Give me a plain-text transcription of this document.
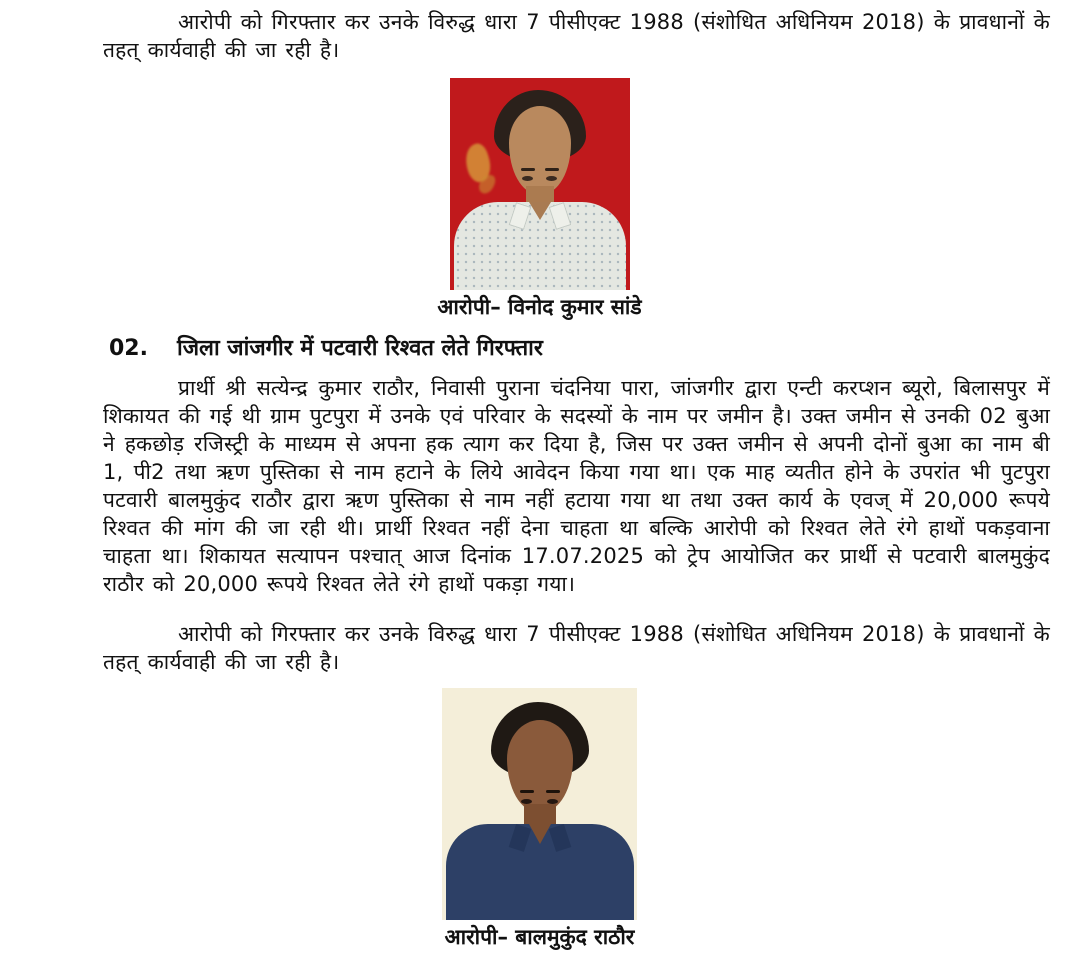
आरोपी को गिरफ्तार कर उनके विरुद्ध धारा 7 पीसीएक्ट 1988 (संशोधित अधिनियम 2018) के प्रावधानों के तहत् कार्यवाही की जा रही है।

आरोपी– विनोद कुमार सांडे

02.	जिला जांजगीर में पटवारी रिश्वत लेते गिरफ्तार

प्रार्थी श्री सत्येन्द्र कुमार राठौर, निवासी पुराना चंदनिया पारा, जांजगीर द्वारा एन्टी करप्शन ब्यूरो, बिलासपुर में शिकायत की गई थी ग्राम पुटपुरा में उनके एवं परिवार के सदस्यों के नाम पर जमीन है। उक्त जमीन से उनकी 02 बुआ ने हकछोड़ रजिस्ट्री के माध्यम से अपना हक त्याग कर दिया है, जिस पर उक्त जमीन से अपनी दोनों बुआ का नाम बी 1, पी2 तथा ऋण पुस्तिका से नाम हटाने के लिये आवेदन किया गया था। एक माह व्यतीत होने के उपरांत भी पुटपुरा पटवारी बालमुकुंद राठौर द्वारा ऋण पुस्तिका से नाम नहीं हटाया गया था तथा उक्त कार्य के एवज् में 20,000 रूपये रिश्वत की मांग की जा रही थी। प्रार्थी रिश्वत नहीं देना चाहता था बल्कि आरोपी को रिश्वत लेते रंगे हाथों पकड़वाना चाहता था। शिकायत सत्यापन पश्चात् आज दिनांक 17.07.2025 को ट्रेप आयोजित कर प्रार्थी से पटवारी बालमुकुंद राठौर को 20,000 रूपये रिश्वत लेते रंगे हाथों पकड़ा गया।

आरोपी को गिरफ्तार कर उनके विरुद्ध धारा 7 पीसीएक्ट 1988 (संशोधित अधिनियम 2018) के प्रावधानों के तहत् कार्यवाही की जा रही है।

आरोपी– बालमुकुंद राठौर
